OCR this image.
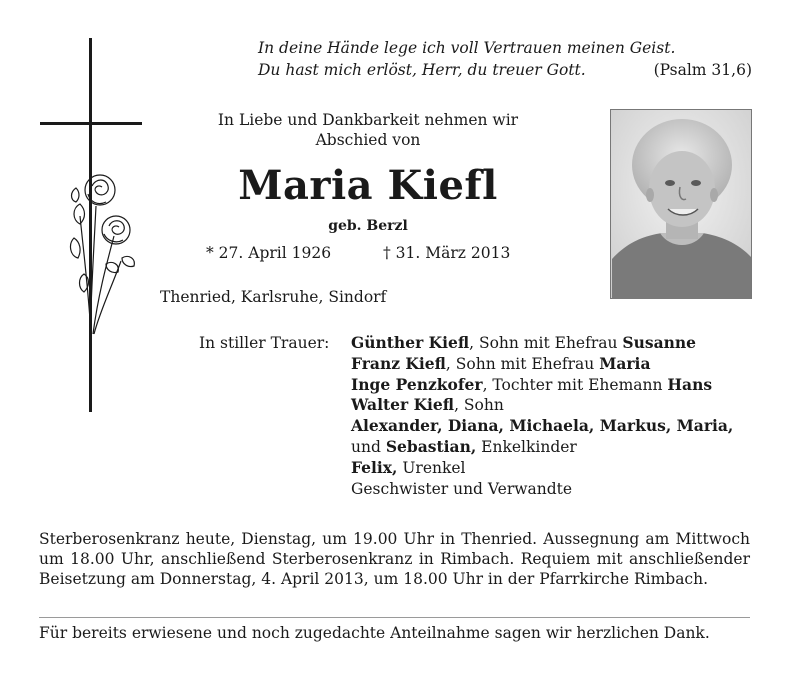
In deine Hände lege ich voll Vertrauen meinen Geist.
Du hast mich erlöst, Herr, du treuer Gott.	(Psalm 31,6)
In Liebe und Dankbarkeit nehmen wir
Abschied von
Maria Kiefl
geb. Berzl
* 27. April 1926	† 31. März 2013
Thenried, Karlsruhe, Sindorf
In stiller Trauer: Günther Kiefl, Sohn mit Ehefrau Susanne
Franz Kiefl, Sohn mit Ehefrau Maria
Inge Penzkofer, Tochter mit Ehemann Hans
Walter Kiefl, Sohn
Alexander, Diana, Michaela, Markus, Maria,
und Sebastian, Enkelkinder
Felix, Urenkel
Geschwister und Verwandte
Sterberosenkranz heute, Dienstag, um 19.00 Uhr in Thenried. Aussegnung am Mittwoch um 18.00 Uhr, anschließend Sterberosenkranz in Rimbach. Requiem mit anschließender Beisetzung am Donnerstag, 4. April 2013, um 18.00 Uhr in der Pfarrkirche Rimbach.
Für bereits erwiesene und noch zugedachte Anteilnahme sagen wir herzlichen Dank.
